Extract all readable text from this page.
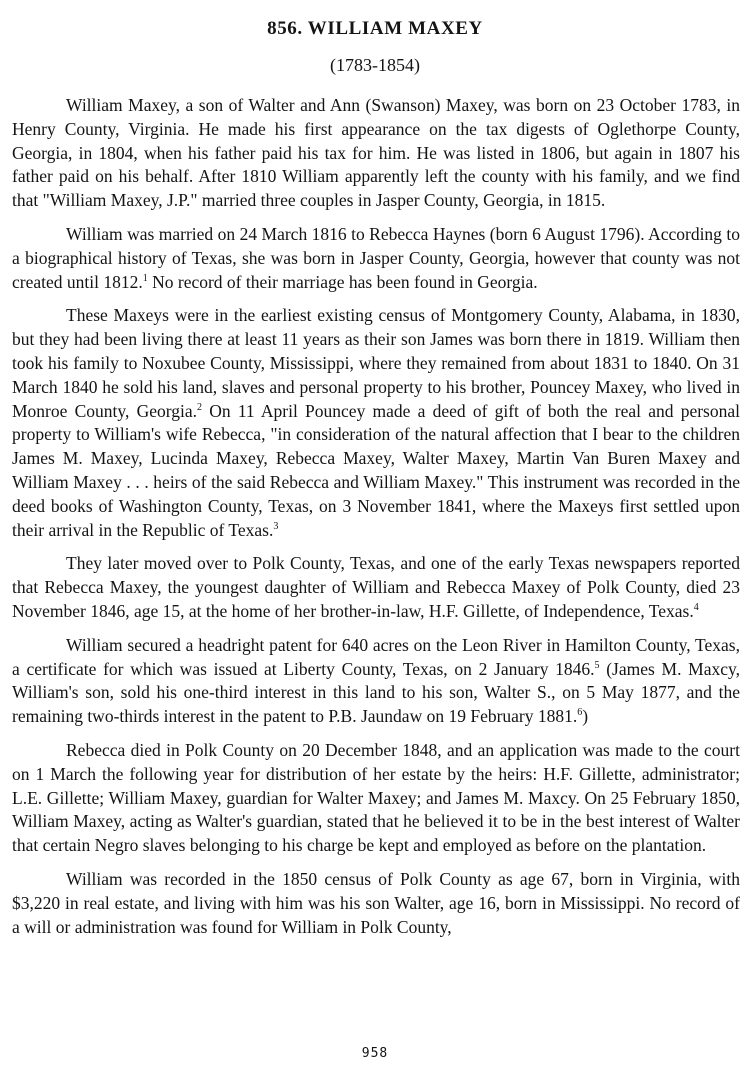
856. WILLIAM MAXEY
(1783-1854)

William Maxey, a son of Walter and Ann (Swanson) Maxey, was born on 23 October 1783, in Henry County, Virginia. He made his first appearance on the tax digests of Oglethorpe County, Georgia, in 1804, when his father paid his tax for him. He was listed in 1806, but again in 1807 his father paid on his behalf. After 1810 William apparently left the county with his family, and we find that "William Maxey, J.P." married three couples in Jasper County, Georgia, in 1815.

William was married on 24 March 1816 to Rebecca Haynes (born 6 August 1796). According to a biographical history of Texas, she was born in Jasper County, Georgia, however that county was not created until 1812.$^1$ No record of their marriage has been found in Georgia.

These Maxeys were in the earliest existing census of Montgomery County, Alabama, in 1830, but they had been living there at least 11 years as their son James was born there in 1819. William then took his family to Noxubee County, Mississippi, where they remained from about 1831 to 1840. On 31 March 1840 he sold his land, slaves and personal property to his brother, Pouncey Maxey, who lived in Monroe County, Georgia.$^2$ On 11 April Pouncey made a deed of gift of both the real and personal property to William's wife Rebecca, "in consideration of the natural affection that I bear to the children James M. Maxey, Lucinda Maxey, Rebecca Maxey, Walter Maxey, Martin Van Buren Maxey and William Maxey . . . heirs of the said Rebecca and William Maxey." This instrument was recorded in the deed books of Washington County, Texas, on 3 November 1841, where the Maxeys first settled upon their arrival in the Republic of Texas.$^3$

They later moved over to Polk County, Texas, and one of the early Texas newspapers reported that Rebecca Maxey, the youngest daughter of William and Rebecca Maxey of Polk County, died 23 November 1846, age 15, at the home of her brother-in-law, H.F. Gillette, of Independence, Texas.$^4$

William secured a headright patent for 640 acres on the Leon River in Hamilton County, Texas, a certificate for which was issued at Liberty County, Texas, on 2 January 1846.$^5$ (James M. Maxcy, William's son, sold his one-third interest in this land to his son, Walter S., on 5 May 1877, and the remaining two-thirds interest in the patent to P.B. Jaundaw on 19 February 1881.$^6$)

Rebecca died in Polk County on 20 December 1848, and an application was made to the court on 1 March the following year for distribution of her estate by the heirs: H.F. Gillette, administrator; L.E. Gillette; William Maxey, guardian for Walter Maxey; and James M. Maxcy. On 25 February 1850, William Maxey, acting as Walter's guardian, stated that he believed it to be in the best interest of Walter that certain Negro slaves belonging to his charge be kept and employed as before on the plantation.

William was recorded in the 1850 census of Polk County as age 67, born in Virginia, with $3,220 in real estate, and living with him was his son Walter, age 16, born in Mississippi. No record of a will or administration was found for William in Polk County,

958
